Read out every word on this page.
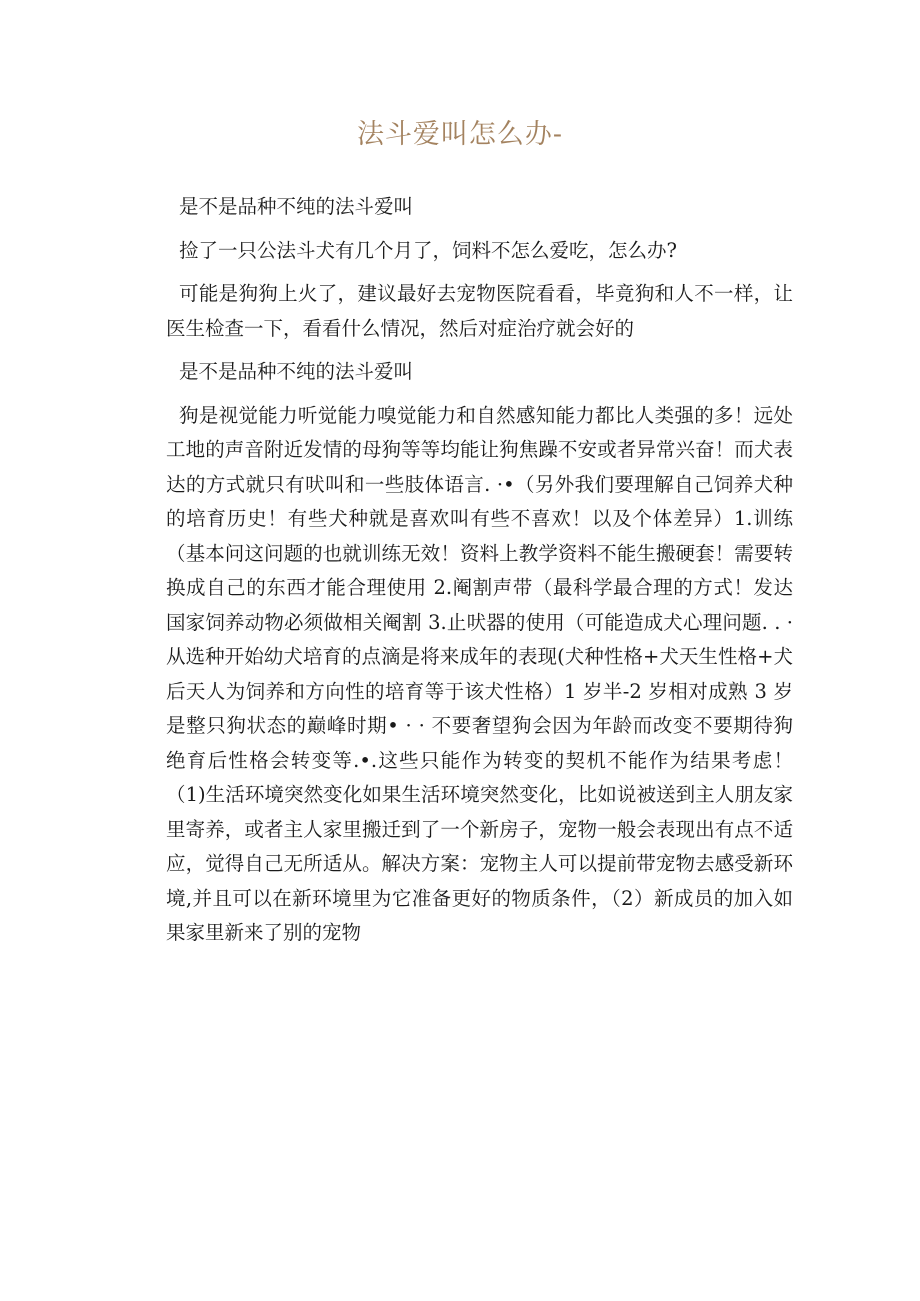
法斗爱叫怎么办-

是不是品种不纯的法斗爱叫

捡了一只公法斗犬有几个月了，饲料不怎么爱吃，怎么办?

可能是狗狗上火了，建议最好去宠物医院看看，毕竟狗和人不一样，让医生检查一下，看看什么情况，然后对症治疗就会好的

是不是品种不纯的法斗爱叫

狗是视觉能力听觉能力嗅觉能力和自然感知能力都比人类强的多！远处工地的声音附近发情的母狗等等均能让狗焦躁不安或者异常兴奋！而犬表达的方式就只有吠叫和一些肢体语言. ·•（另外我们要理解自己饲养犬种的培育历史！有些犬种就是喜欢叫有些不喜欢！以及个体差异）1.训练（基本问这问题的也就训练无效！资料上教学资料不能生搬硬套！需要转换成自己的东西才能合理使用 2.阉割声带（最科学最合理的方式！发达国家饲养动物必须做相关阉割 3.止吠器的使用（可能造成犬心理问题. . ·从选种开始幼犬培育的点滴是将来成年的表现(犬种性格+犬天生性格+犬后天人为饲养和方向性的培育等于该犬性格）1 岁半-2 岁相对成熟 3 岁是整只狗状态的巅峰时期• · · 不要奢望狗会因为年龄而改变不要期待狗绝育后性格会转变等.•.这些只能作为转变的契机不能作为结果考虑！（1)生活环境突然变化如果生活环境突然变化，比如说被送到主人朋友家里寄养，或者主人家里搬迁到了一个新房子，宠物一般会表现出有点不适应，觉得自己无所适从。解决方案：宠物主人可以提前带宠物去感受新环境,并且可以在新环境里为它准备更好的物质条件，（2）新成员的加入如果家里新来了别的宠物
